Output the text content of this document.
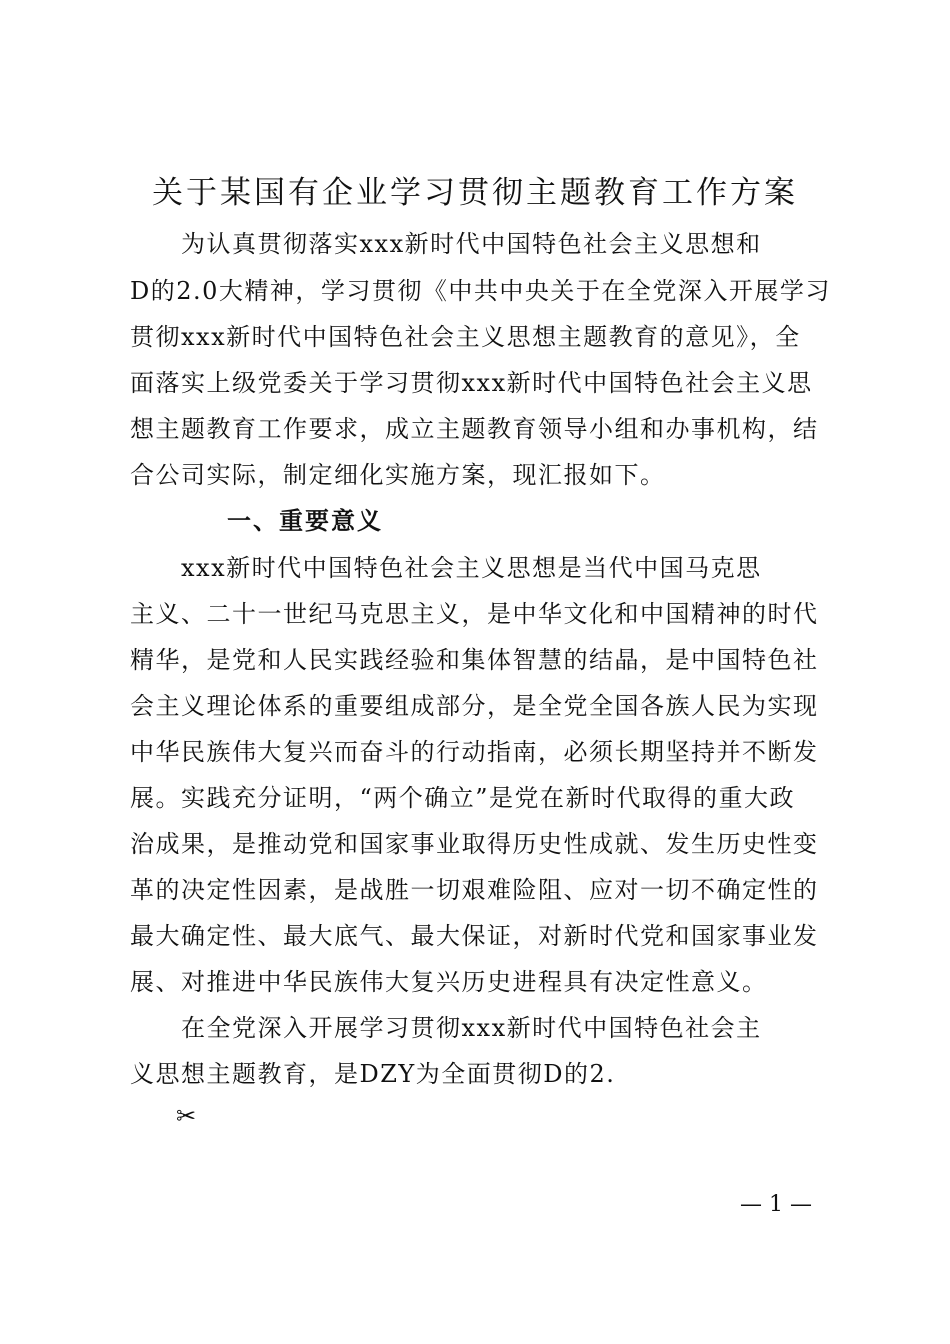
关于某国有企业学习贯彻主题教育工作方案
　　为认真贯彻落实xxx新时代中国特色社会主义思想和
D的2.0大精神，学习贯彻《中共中央关于在全党深入开展学习
贯彻xxx新时代中国特色社会主义思想主题教育的意见》，全
面落实上级党委关于学习贯彻xxx新时代中国特色社会主义思
想主题教育工作要求，成立主题教育领导小组和办事机构，结
合公司实际，制定细化实施方案，现汇报如下。
一、重要意义
　　xxx新时代中国特色社会主义思想是当代中国马克思
主义、二十一世纪马克思主义，是中华文化和中国精神的时代
精华，是党和人民实践经验和集体智慧的结晶，是中国特色社
会主义理论体系的重要组成部分，是全党全国各族人民为实现
中华民族伟大复兴而奋斗的行动指南，必须长期坚持并不断发
展。实践充分证明，“两个确立”是党在新时代取得的重大政
治成果，是推动党和国家事业取得历史性成就、发生历史性变
革的决定性因素，是战胜一切艰难险阻、应对一切不确定性的
最大确定性、最大底气、最大保证，对新时代党和国家事业发
展、对推进中华民族伟大复兴历史进程具有决定性意义。
　　在全党深入开展学习贯彻xxx新时代中国特色社会主
义思想主题教育，是DZY为全面贯彻D的2.
✂
— 1 —
